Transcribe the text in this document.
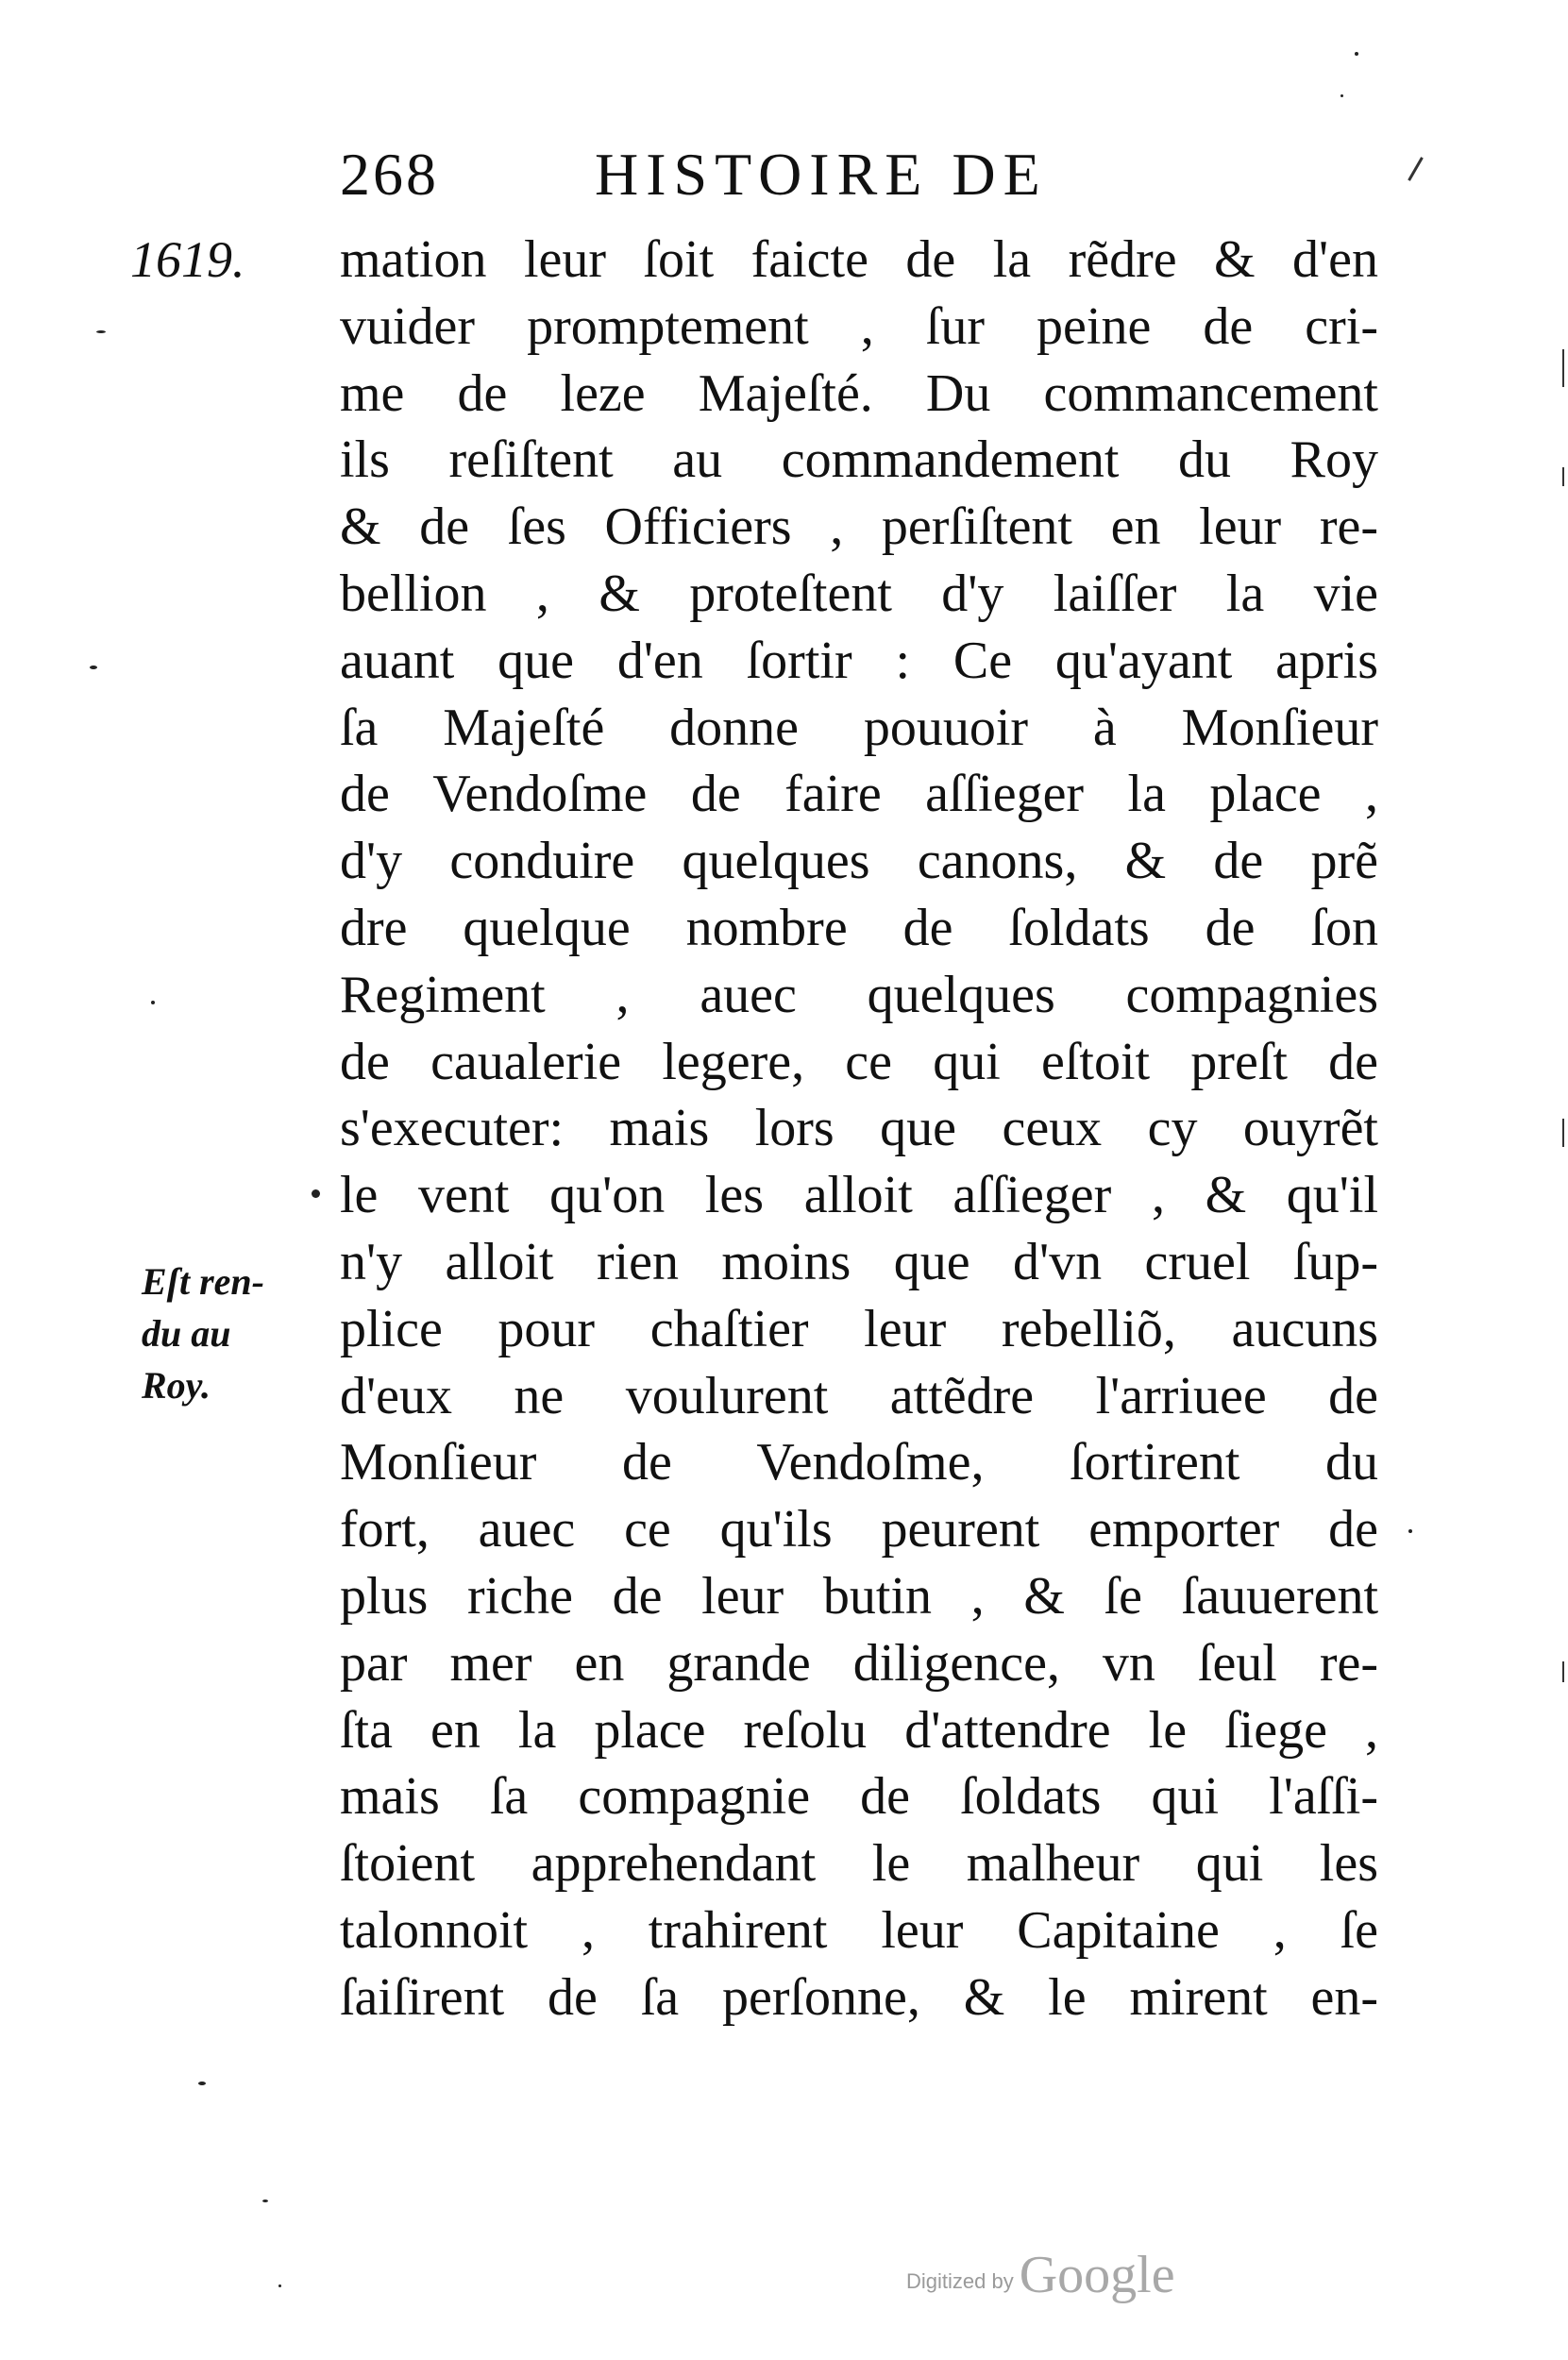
268	HISTOIRE DE
1619. mation leur ſoit faicte de la rẽdre & d'en
vuider promptement , ſur peine de cri-
me de leze Majeſté. Du commancement
ils reſiſtent au commandement du Roy
& de ſes Officiers , perſiſtent en leur re-
bellion , & proteſtent d'y laiſſer la vie
auant que d'en ſortir : Ce qu'ayant apris
ſa Majeſté donne pouuoir à Monſieur
de Vendoſme de faire aſſieger la place ,
d'y conduire quelques canons, & de prẽ
dre quelque nombre de ſoldats de ſon
Regiment , auec quelques compagnies
de caualerie legere, ce qui eſtoit preſt de
s'executer: mais lors que ceux cy ouyrẽt
le vent qu'on les alloit aſſieger , & qu'il
n'y alloit rien moins que d'vn cruel ſup-
plice pour chaſtier leur rebelliõ, aucuns
d'eux ne voulurent attẽdre l'arriuee de
Monſieur de Vendoſme, ſortirent du
fort, auec ce qu'ils peurent emporter de
plus riche de leur butin , & ſe ſauuerent
par mer en grande diligence, vn ſeul re-
ſta en la place reſolu d'attendre le ſiege ,
mais ſa compagnie de ſoldats qui l'aſſi-
ſtoient apprehendant le malheur qui les
talonnoit , trahirent leur Capitaine , ſe
ſaiſirent de ſa perſonne, & le mirent en-
Eſt ren-
du au
Roy.
Digitized by Google
